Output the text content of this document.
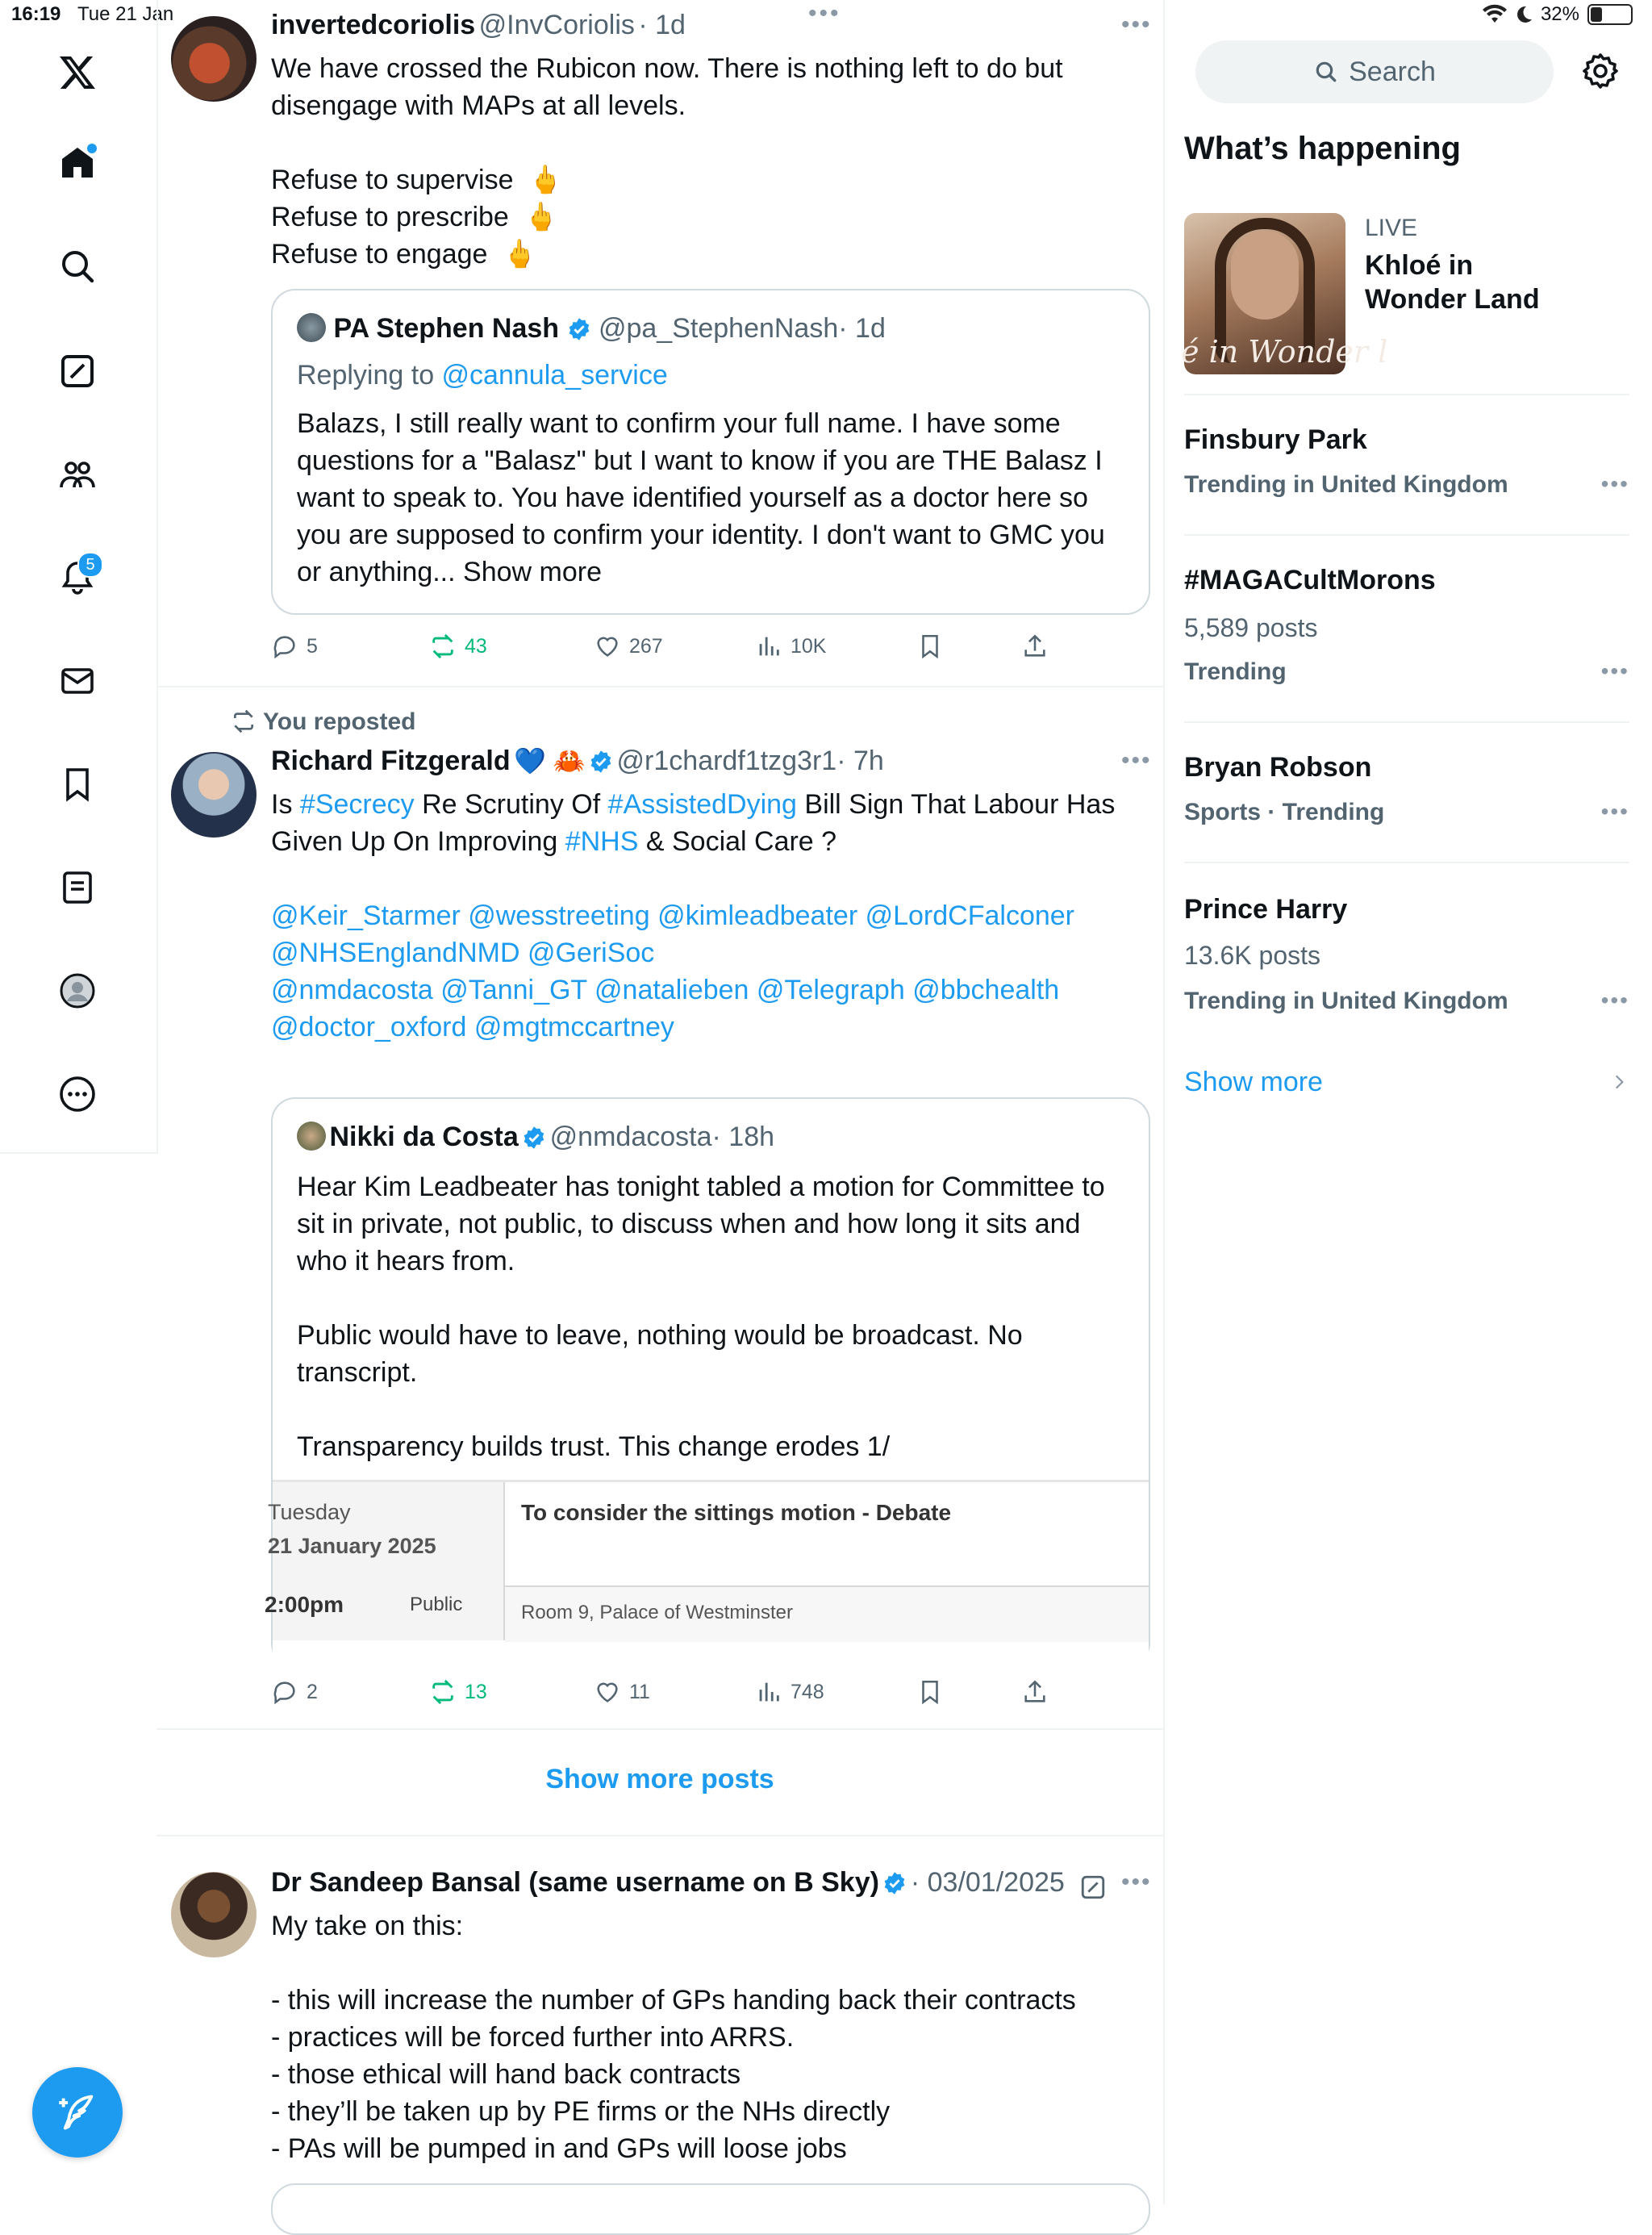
16:19 Tue 21 Jan	32%
5
•••
invertedcoriolis @InvCoriolis · 1d	•••
We have crossed the Rubicon now. There is nothing left to do but disengage with MAPs at all levels.

Refuse to supervise  🖕
Refuse to prescribe  🖕
Refuse to engage  🖕
PA Stephen Nash @pa_StephenNash· 1d
Replying to @cannula_service
Balazs, I still really want to confirm your full name. I have some questions for a "Balasz" but I want to know if you are THE Balasz I want to speak to. You have identified yourself as a doctor here so you are supposed to confirm your identity. I don't want to GMC you or anything... Show more
5	43	267	10K
You reposted
Richard Fitzgerald 💙 🦀 @r1chardf1tzg3r1· 7h	•••
Is #Secrecy Re Scrutiny Of #AssistedDying Bill Sign That Labour Has Given Up On Improving #NHS & Social Care ?
@Keir_Starmer @wesstreeting @kimleadbeater @LordCFalconer @NHSEnglandNMD @GeriSoc
@nmdacosta @Tanni_GT @natalieben @Telegraph @bbchealth @doctor_oxford @mgtmccartney
Nikki da Costa @nmdacosta· 18h
Hear Kim Leadbeater has tonight tabled a motion for Committee to sit in private, not public, to discuss when and how long it sits and who it hears from.

Public would have to leave, nothing would be broadcast. No transcript.

Transparency builds trust. This change erodes 1/
Tuesday
21 January 2025
2:00pm	Public
To consider the sittings motion - Debate
Room 9, Palace of Westminster
2	13	11	748
Show more posts
Dr Sandeep Bansal (same username on B Sky) · 03/01/2025 •••
My take on this:

- this will increase the number of GPs handing back their contracts
- practices will be forced further into ARRS.
- those ethical will hand back contracts
- they’ll be taken up by PE firms or the NHs directly
- PAs will be pumped in and GPs will loose jobs
Search
What’s happening
é in Wonder l
LIVE
Khloé in Wonder Land
Finsbury Park
Trending in United Kingdom	•••
#MAGACultMorons
5,589 posts
Trending	•••
Bryan Robson
Sports · Trending	•••
Prince Harry
13.6K posts
Trending in United Kingdom	•••
Show more
